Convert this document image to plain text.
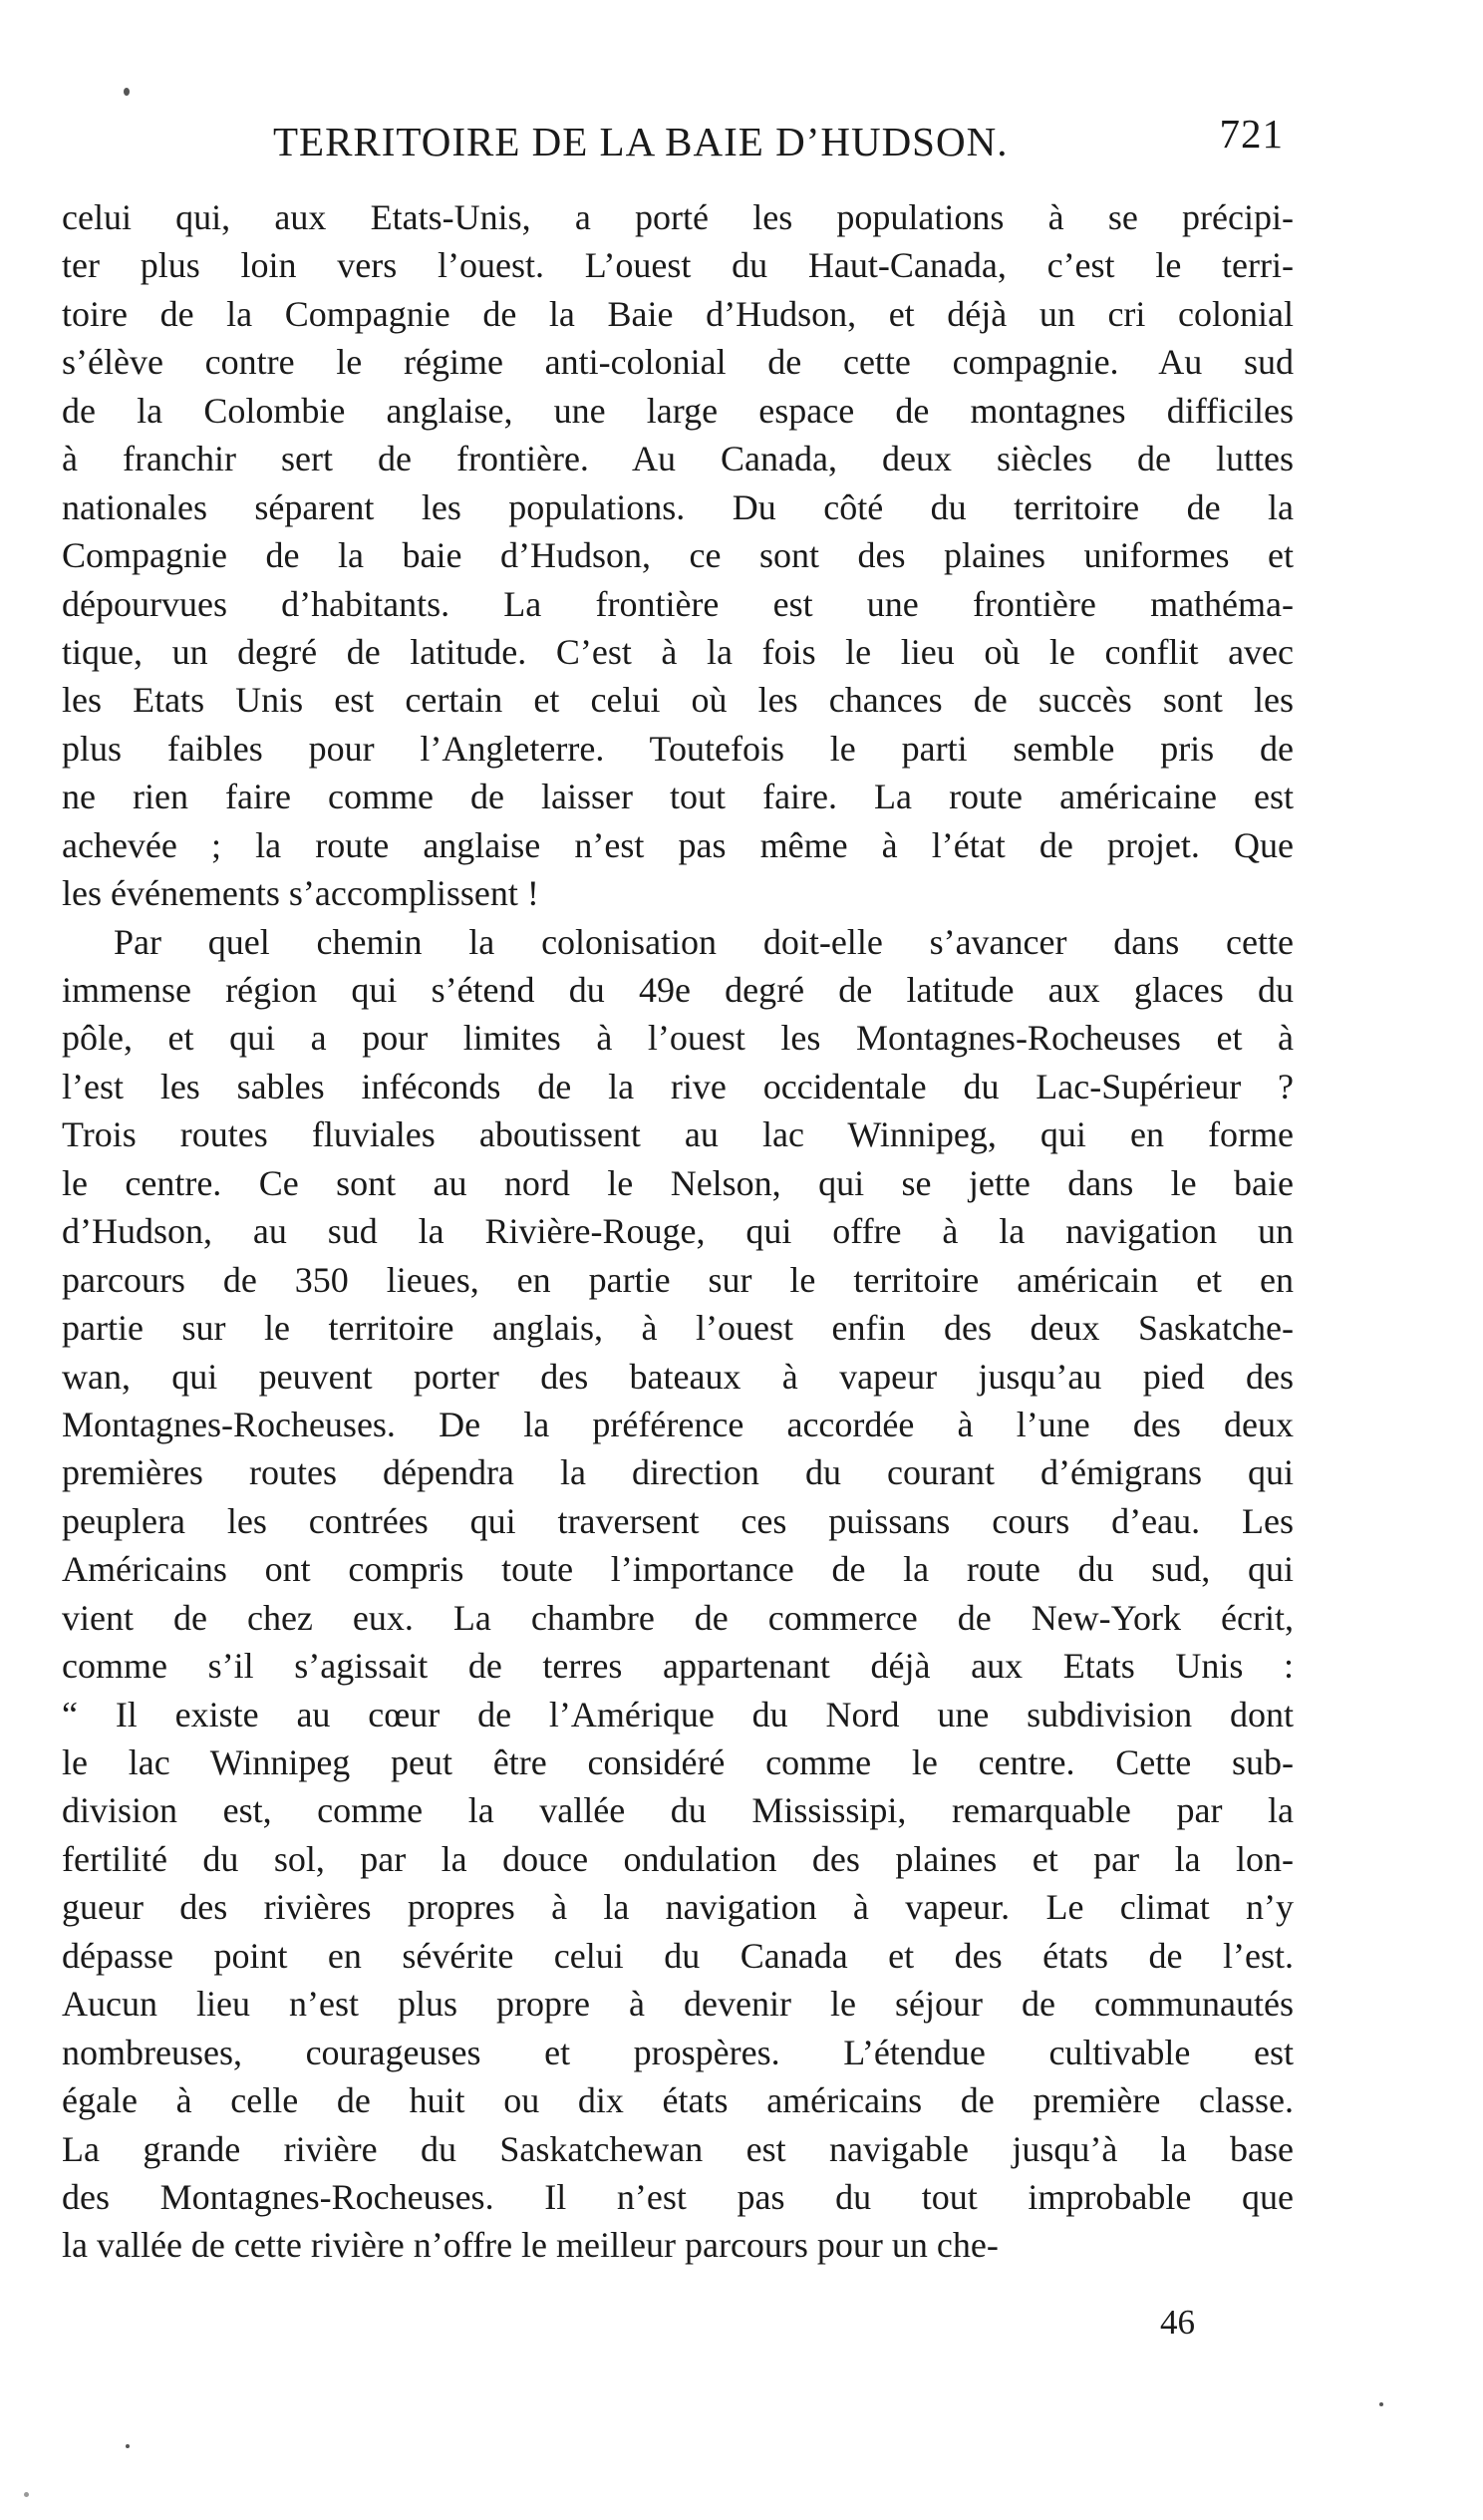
TERRITOIRE DE LA BAIE D’HUDSON.	721
celui qui, aux Etats-Unis, a porté les populations à se précipi-
ter plus loin vers l’ouest. L’ouest du Haut-Canada, c’est le terri-
toire de la Compagnie de la Baie d’Hudson, et déjà un cri colonial
s’élève contre le régime anti-colonial de cette compagnie. Au sud
de la Colombie anglaise, une large espace de montagnes difficiles
à franchir sert de frontière. Au Canada, deux siècles de luttes
nationales séparent les populations. Du côté du territoire de la
Compagnie de la baie d’Hudson, ce sont des plaines uniformes et
dépourvues d’habitants. La frontière est une frontière mathéma-
tique, un degré de latitude. C’est à la fois le lieu où le conflit avec
les Etats Unis est certain et celui où les chances de succès sont les
plus faibles pour l’Angleterre. Toutefois le parti semble pris de
ne rien faire comme de laisser tout faire. La route américaine est
achevée ; la route anglaise n’est pas même à l’état de projet. Que
les événements s’accomplissent !
Par quel chemin la colonisation doit-elle s’avancer dans cette
immense région qui s’étend du 49e degré de latitude aux glaces du
pôle, et qui a pour limites à l’ouest les Montagnes-Rocheuses et à
l’est les sables inféconds de la rive occidentale du Lac-Supérieur ?
Trois routes fluviales aboutissent au lac Winnipeg, qui en forme
le centre. Ce sont au nord le Nelson, qui se jette dans le baie
d’Hudson, au sud la Rivière-Rouge, qui offre à la navigation un
parcours de 350 lieues, en partie sur le territoire américain et en
partie sur le territoire anglais, à l’ouest enfin des deux Saskatche-
wan, qui peuvent porter des bateaux à vapeur jusqu’au pied des
Montagnes-Rocheuses. De la préférence accordée à l’une des deux
premières routes dépendra la direction du courant d’émigrans qui
peuplera les contrées qui traversent ces puissans cours d’eau. Les
Américains ont compris toute l’importance de la route du sud, qui
vient de chez eux. La chambre de commerce de New-York écrit,
comme s’il s’agissait de terres appartenant déjà aux Etats Unis :
“ Il existe au cœur de l’Amérique du Nord une subdivision dont
le lac Winnipeg peut être considéré comme le centre. Cette sub-
division est, comme la vallée du Mississipi, remarquable par la
fertilité du sol, par la douce ondulation des plaines et par la lon-
gueur des rivières propres à la navigation à vapeur. Le climat n’y
dépasse point en sévérite celui du Canada et des états de l’est.
Aucun lieu n’est plus propre à devenir le séjour de communautés
nombreuses, courageuses et prospères. L’étendue cultivable est
égale à celle de huit ou dix états américains de première classe.
La grande rivière du Saskatchewan est navigable jusqu’à la base
des Montagnes-Rocheuses. Il n’est pas du tout improbable que
la vallée de cette rivière n’offre le meilleur parcours pour un che-
46
